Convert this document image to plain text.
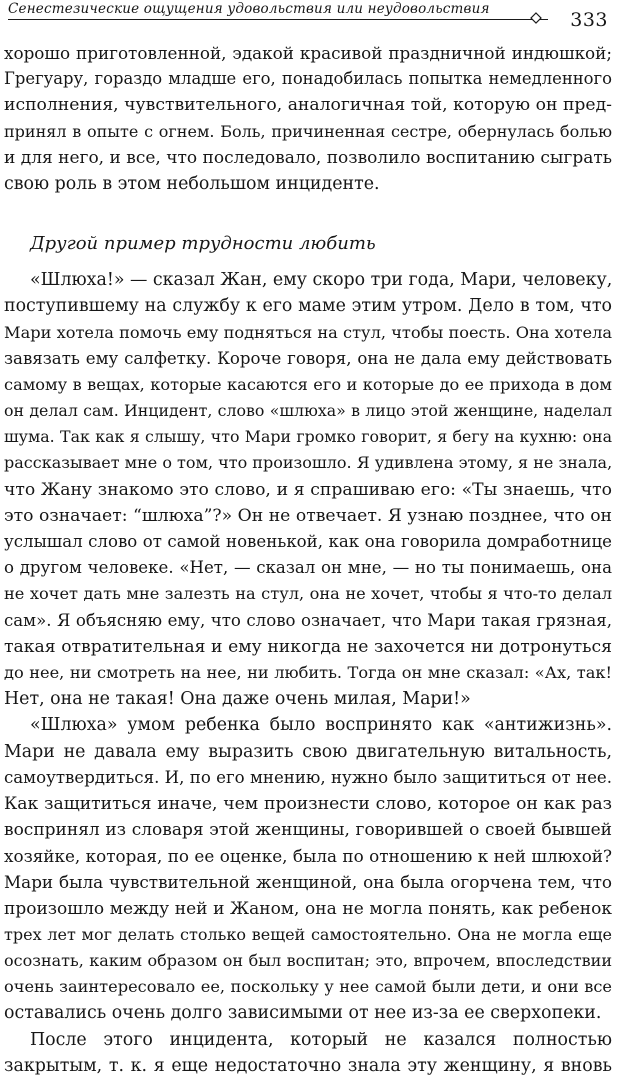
Сенестезические ощущения удовольствия или неудовольствия	333
хорошо приготовленной, эдакой красивой праздничной индюшкой;
Грегуару, гораздо младше его, понадобилась попытка немедленного
исполнения, чувствительного, аналогичная той, которую он пред-
принял в опыте с огнем. Боль, причиненная сестре, обернулась болью
и для него, и все, что последовало, позволило воспитанию сыграть
свою роль в этом небольшом инциденте.
Другой пример трудности любить
«Шлюха!» — сказал Жан, ему скоро три года, Мари, человеку,
поступившему на службу к его маме этим утром. Дело в том, что
Мари хотела помочь ему подняться на стул, чтобы поесть. Она хотела
завязать ему салфетку. Короче говоря, она не дала ему действовать
самому в вещах, которые касаются его и которые до ее прихода в дом
он делал сам. Инцидент, слово «шлюха» в лицо этой женщине, наделал
шума. Так как я слышу, что Мари громко говорит, я бегу на кухню: она
рассказывает мне о том, что произошло. Я удивлена этому, я не знала,
что Жану знакомо это слово, и я спрашиваю его: «Ты знаешь, что
это означает: “шлюха”?» Он не отвечает. Я узнаю позднее, что он
услышал слово от самой новенькой, как она говорила домработнице
о другом человеке. «Нет, — сказал он мне, — но ты понимаешь, она
не хочет дать мне залезть на стул, она не хочет, чтобы я что-то делал
сам». Я объясняю ему, что слово означает, что Мари такая грязная,
такая отвратительная и ему никогда не захочется ни дотронуться
до нее, ни смотреть на нее, ни любить. Тогда он мне сказал: «Ах, так!
Нет, она не такая! Она даже очень милая, Мари!»
«Шлюха» умом ребенка было воспринято как «антижизнь».
Мари не давала ему выразить свою двигательную витальность,
самоутвердиться. И, по его мнению, нужно было защититься от нее.
Как защититься иначе, чем произнести слово, которое он как раз
воспринял из словаря этой женщины, говорившей о своей бывшей
хозяйке, которая, по ее оценке, была по отношению к ней шлюхой?
Мари была чувствительной женщиной, она была огорчена тем, что
произошло между ней и Жаном, она не могла понять, как ребенок
трех лет мог делать столько вещей самостоятельно. Она не могла еще
осознать, каким образом он был воспитан; это, впрочем, впоследствии
очень заинтересовало ее, поскольку у нее самой были дети, и они все
оставались очень долго зависимыми от нее из-за ее сверхопеки.
После этого инцидента, который не казался полностью
закрытым, т. к. я еще недостаточно знала эту женщину, я вновь
